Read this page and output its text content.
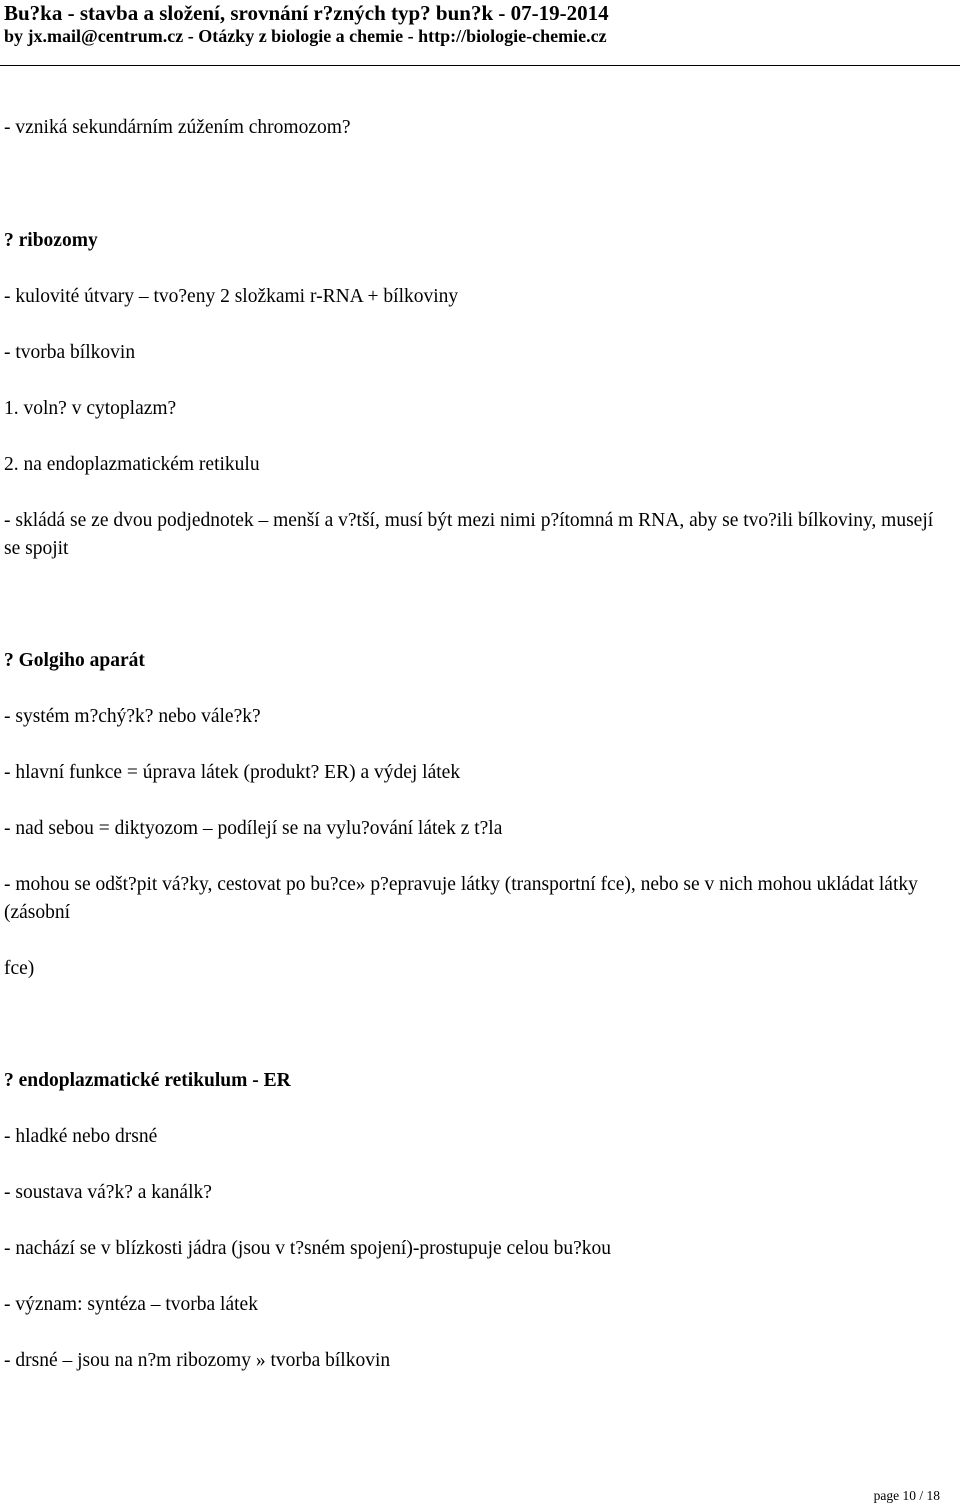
Bu?ka - stavba a složení, srovnání r?zných typ? bun?k - 07-19-2014
by jx.mail@centrum.cz - Otázky z biologie a chemie - http://biologie-chemie.cz
- vzniká sekundárním zúžením chromozom?
? ribozomy
- kulovité útvary – tvo?eny 2 složkami r-RNA + bílkoviny
- tvorba bílkovin
1. voln? v cytoplazm?
2. na endoplazmatickém retikulu
- skládá se ze dvou podjednotek – menší a v?tší, musí být mezi nimi p?ítomná m RNA, aby se tvo?ili bílkoviny, musejí se spojit
? Golgiho aparát
- systém m?chý?k? nebo vále?k?
- hlavní funkce = úprava látek (produkt? ER) a výdej látek
- nad sebou = diktyozom – podílejí se na vylu?ování látek z t?la
- mohou se odšt?pit vá?ky, cestovat po bu?ce» p?epravuje látky (transportní fce), nebo se v nich mohou ukládat látky (zásobní
fce)
? endoplazmatické retikulum - ER
- hladké nebo drsné
- soustava vá?k? a kanálk?
- nachází se v blízkosti jádra (jsou v t?sném spojení)-prostupuje celou bu?kou
- význam: syntéza – tvorba látek
- drsné – jsou na n?m ribozomy » tvorba bílkovin
page 10 / 18
